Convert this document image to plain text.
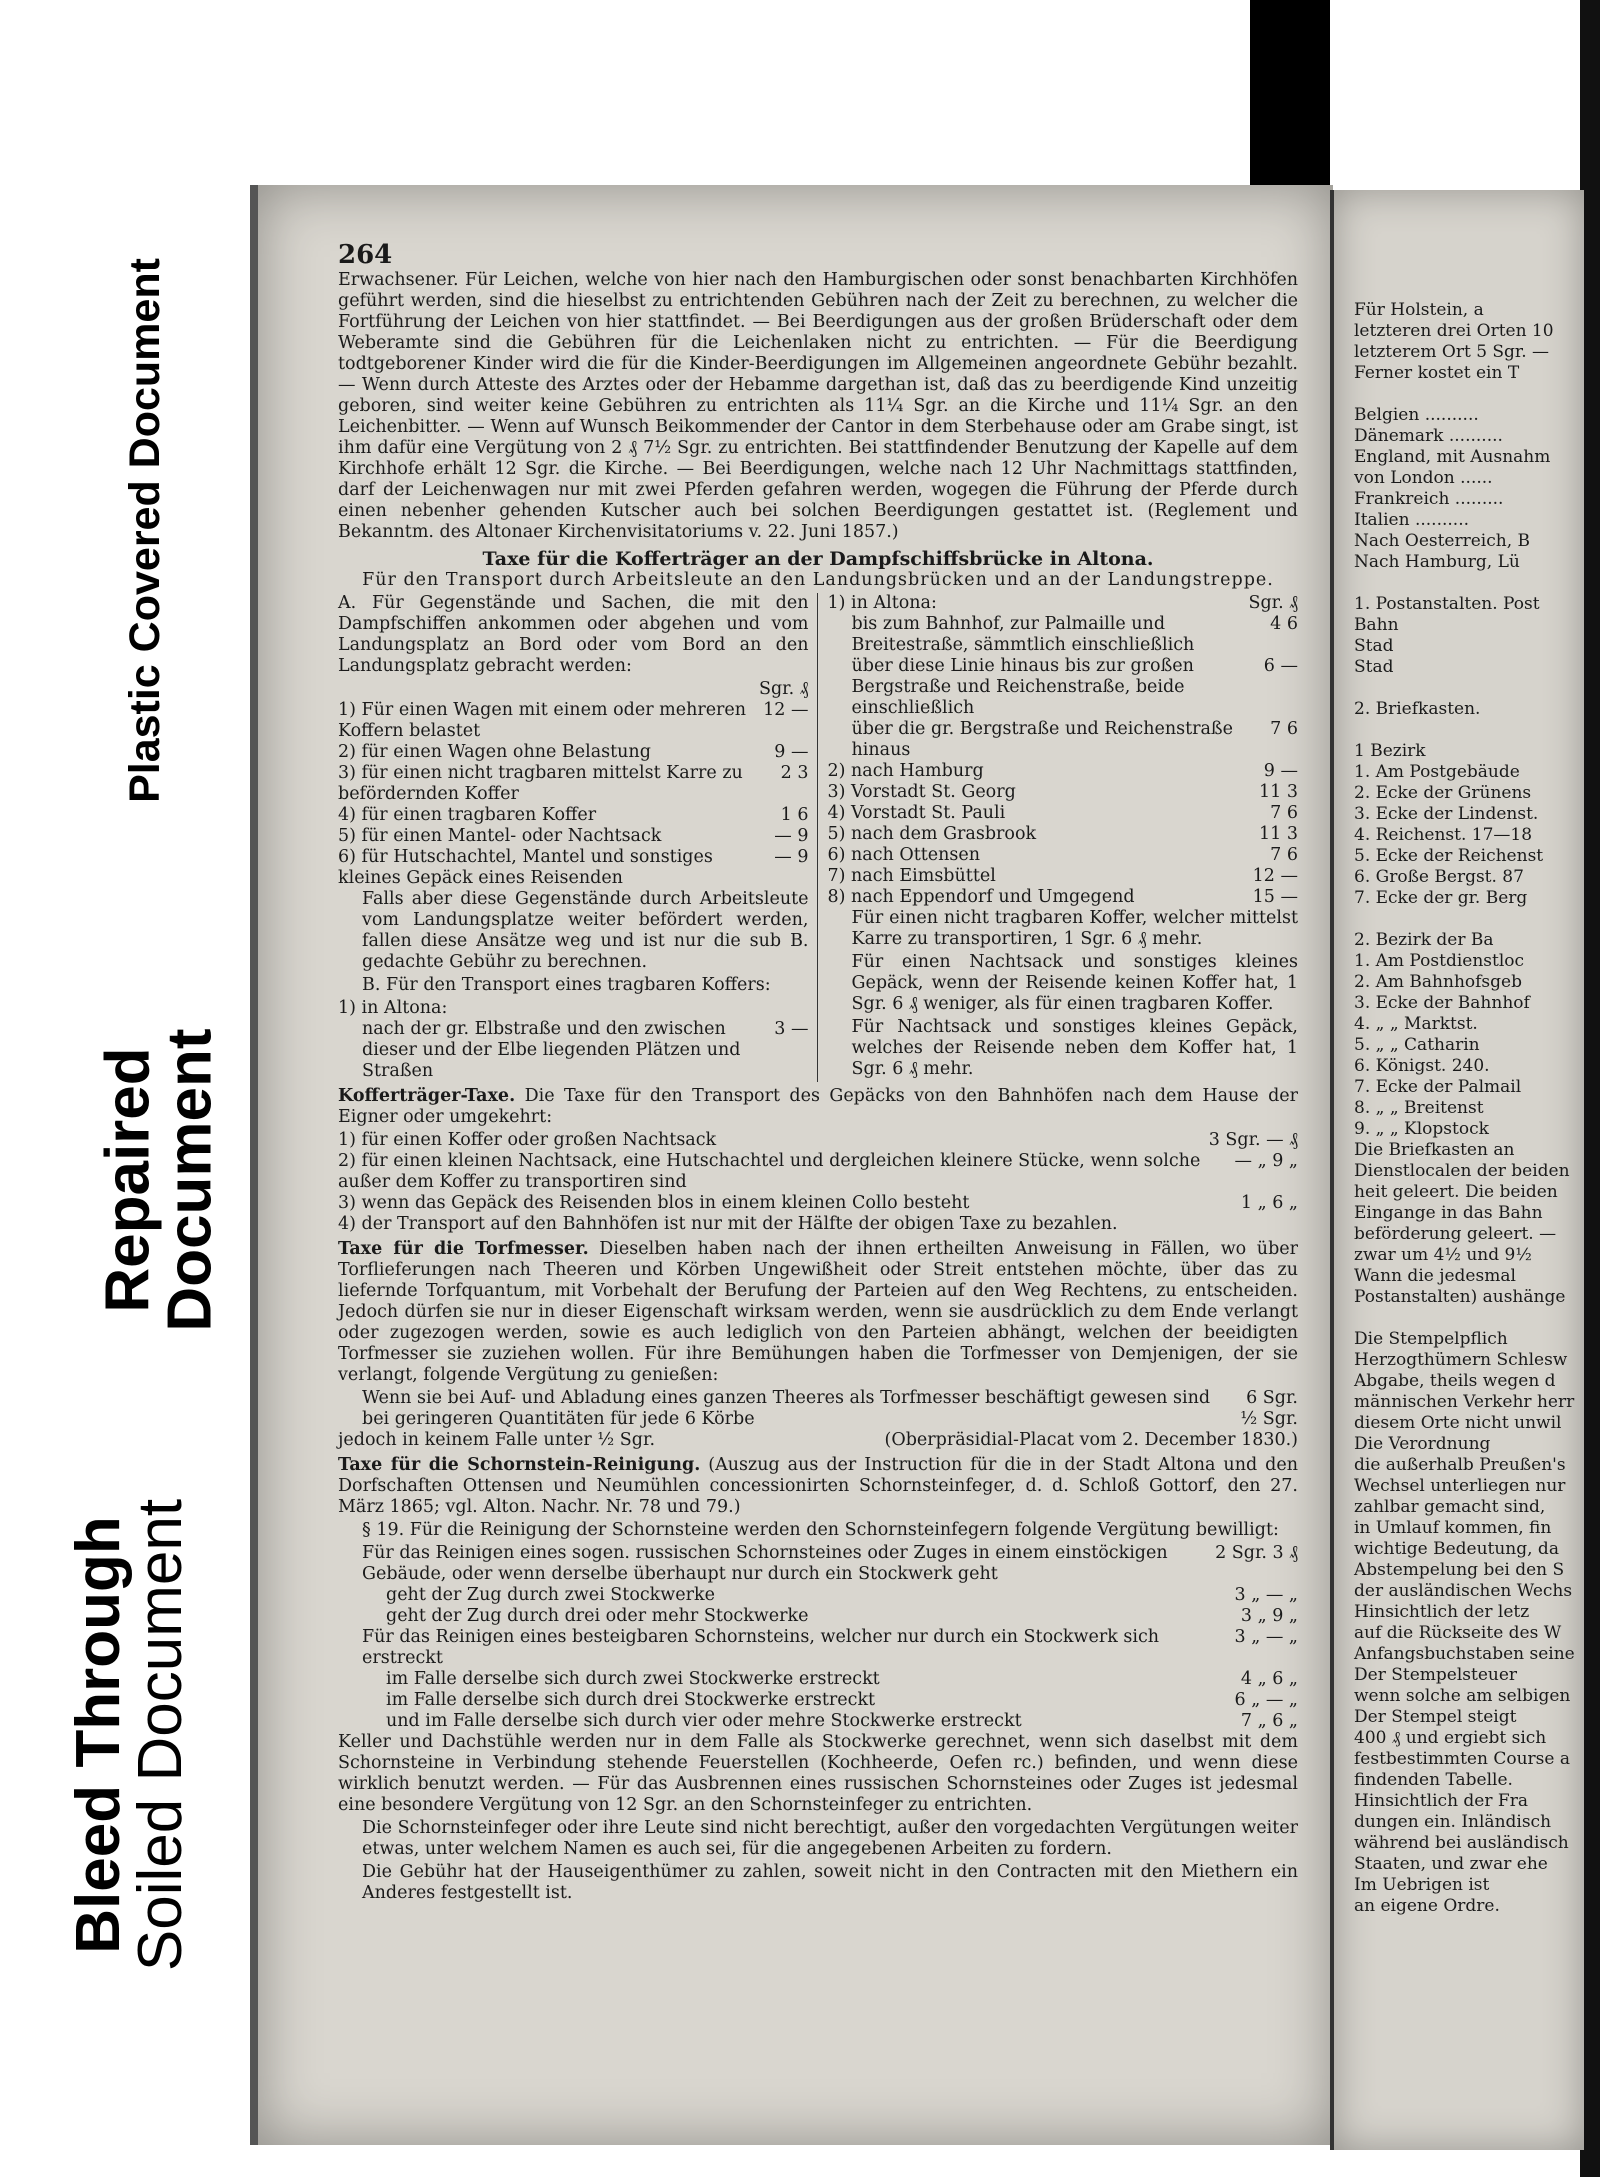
Plastic Covered Document
Repaired
Document
Bleed Through
Soiled Document
264

Erwachsener. Für Leichen, welche von hier nach den Hamburgischen oder sonst benachbarten Kirchhöfen geführt werden, sind die hieselbst zu entrichtenden Gebühren nach der Zeit zu berechnen, zu welcher die Fortführung der Leichen von hier stattfindet. — Bei Beerdigungen aus der großen Brüderschaft oder dem Weberamte sind die Gebühren für die Leichenlaken nicht zu entrichten. — Für die Beerdigung todtgeborener Kinder wird die für die Kinder-Beerdigungen im Allgemeinen angeordnete Gebühr bezahlt. — Wenn durch Atteste des Arztes oder der Hebamme dargethan ist, daß das zu beerdigende Kind unzeitig geboren, sind weiter keine Gebühren zu entrichten als 11¼ Sgr. an die Kirche und 11¼ Sgr. an den Leichenbitter. — Wenn auf Wunsch Beikommender der Cantor in dem Sterbehause oder am Grabe singt, ist ihm dafür eine Vergütung von 2 ₰ 7½ Sgr. zu entrichten. Bei stattfindender Benutzung der Kapelle auf dem Kirchhofe erhält 12 Sgr. die Kirche. — Bei Beerdigungen, welche nach 12 Uhr Nachmittags stattfinden, darf der Leichenwagen nur mit zwei Pferden gefahren werden, wogegen die Führung der Pferde durch einen nebenher gehenden Kutscher auch bei solchen Beerdigungen gestattet ist. (Reglement und Bekanntm. des Altonaer Kirchenvisitatoriums v. 22. Juni 1857.)

Taxe für die Kofferträger an der Dampfschiffsbrücke in Altona.
Für den Transport durch Arbeitsleute an den Landungsbrücken und an der Landungstreppe.

A. Für Gegenstände und Sachen, die mit den Dampfschiffen ankommen oder abgehen und vom Landungsplatz an Bord oder vom Bord an den Landungsplatz gebracht werden:

Sgr. ₰
1) Für einen Wagen mit einem oder mehreren Koffern belastet
12 —
2) für einen Wagen ohne Belastung	9 —
3) für einen nicht tragbaren mittelst Karre zu befördernden Koffer
2 3
4) für einen tragbaren Koffer	1 6
5) für einen Mantel- oder Nachtsack	— 9
6) für Hutschachtel, Mantel und sonstiges kleines Gepäck eines Reisenden
— 9

Falls aber diese Gegenstände durch Arbeitsleute vom Landungsplatze weiter befördert werden, fallen diese Ansätze weg und ist nur die sub B. gedachte Gebühr zu berechnen.

B. Für den Transport eines tragbaren Koffers:

1) in Altona:
nach der gr. Elbstraße und den zwischen dieser und der Elbe liegenden Plätzen und Straßen
3 —
1) in Altona:	Sgr. ₰
bis zum Bahnhof, zur Palmaille und Breitestraße, sämmtlich einschließlich
4 6
über diese Linie hinaus bis zur großen Bergstraße und Reichenstraße, beide einschließlich
6 —
über die gr. Bergstraße und Reichenstraße hinaus
7 6
2) nach Hamburg	9 —
3) Vorstadt St. Georg	11 3
4) Vorstadt St. Pauli	7 6
5) nach dem Grasbrook	11 3
6) nach Ottensen	7 6
7) nach Eimsbüttel	12 —
8) nach Eppendorf und Umgegend	15 —

Für einen nicht tragbaren Koffer, welcher mittelst Karre zu transportiren, 1 Sgr. 6 ₰ mehr.

Für einen Nachtsack und sonstiges kleines Gepäck, wenn der Reisende keinen Koffer hat, 1 Sgr. 6 ₰ weniger, als für einen tragbaren Koffer.

Für Nachtsack und sonstiges kleines Gepäck, welches der Reisende neben dem Koffer hat, 1 Sgr. 6 ₰ mehr.

Kofferträger-Taxe. Die Taxe für den Transport des Gepäcks von den Bahnhöfen nach dem Hause der Eigner oder umgekehrt:

1) für einen Koffer oder großen Nachtsack	3 Sgr. — ₰
2) für einen kleinen Nachtsack, eine Hutschachtel und dergleichen kleinere Stücke, wenn solche außer dem Koffer zu transportiren sind
— „ 9 „
3) wenn das Gepäck des Reisenden blos in einem kleinen Collo besteht	1 „ 6 „
4) der Transport auf den Bahnhöfen ist nur mit der Hälfte der obigen Taxe zu bezahlen.

Taxe für die Torfmesser. Dieselben haben nach der ihnen ertheilten Anweisung in Fällen, wo über Torflieferungen nach Theeren und Körben Ungewißheit oder Streit entstehen möchte, über das zu liefernde Torfquantum, mit Vorbehalt der Berufung der Parteien auf den Weg Rechtens, zu entscheiden. Jedoch dürfen sie nur in dieser Eigenschaft wirksam werden, wenn sie ausdrücklich zu dem Ende verlangt oder zugezogen werden, sowie es auch lediglich von den Parteien abhängt, welchen der beeidigten Torfmesser sie zuziehen wollen. Für ihre Bemühungen haben die Torfmesser von Demjenigen, der sie verlangt, folgende Vergütung zu genießen:

Wenn sie bei Auf- und Abladung eines ganzen Theeres als Torfmesser beschäftigt gewesen sind	6 Sgr.
bei geringeren Quantitäten für jede 6 Körbe	½ Sgr.
jedoch in keinem Falle unter ½ Sgr.	(Oberpräsidial-Placat vom 2. December 1830.)

Taxe für die Schornstein-Reinigung. (Auszug aus der Instruction für die in der Stadt Altona und den Dorfschaften Ottensen und Neumühlen concessionirten Schornsteinfeger, d. d. Schloß Gottorf, den 27. März 1865; vgl. Alton. Nachr. Nr. 78 und 79.)

§ 19. Für die Reinigung der Schornsteine werden den Schornsteinfegern folgende Vergütung bewilligt:

Für das Reinigen eines sogen. russischen Schornsteines oder Zuges in einem einstöckigen Gebäude, oder wenn derselbe überhaupt nur durch ein Stockwerk geht
2 Sgr. 3 ₰
geht der Zug durch zwei Stockwerke	3 „ — „
geht der Zug durch drei oder mehr Stockwerke	3 „ 9 „
Für das Reinigen eines besteigbaren Schornsteins, welcher nur durch ein Stockwerk sich erstreckt
3 „ — „
im Falle derselbe sich durch zwei Stockwerke erstreckt	4 „ 6 „
im Falle derselbe sich durch drei Stockwerke erstreckt	6 „ — „
und im Falle derselbe sich durch vier oder mehre Stockwerke erstreckt	7 „ 6 „

Keller und Dachstühle werden nur in dem Falle als Stockwerke gerechnet, wenn sich daselbst mit dem Schornsteine in Verbindung stehende Feuerstellen (Kochheerde, Oefen rc.) befinden, und wenn diese wirklich benutzt werden. — Für das Ausbrennen eines russischen Schornsteines oder Zuges ist jedesmal eine besondere Vergütung von 12 Sgr. an den Schornsteinfeger zu entrichten.

Die Schornsteinfeger oder ihre Leute sind nicht berechtigt, außer den vorgedachten Vergütungen weiter etwas, unter welchem Namen es auch sei, für die angegebenen Arbeiten zu fordern.

Die Gebühr hat der Hauseigenthümer zu zahlen, soweit nicht in den Contracten mit den Miethern ein Anderes festgestellt ist.

Für Holstein, a
letzteren drei Orten 10
letzterem Ort 5 Sgr. —
Ferner kostet ein T

Belgien ..........
Dänemark ..........
England, mit Ausnahm
von London ......
Frankreich .........
Italien ..........
Nach Oesterreich, B
Nach Hamburg, Lü

1. Postanstalten. Post
Bahn
Stad
Stad

2. Briefkasten.

1 Bezirk
1. Am Postgebäude
2. Ecke der Grünens
3. Ecke der Lindenst.
4. Reichenst. 17—18
5. Ecke der Reichenst
6. Große Bergst. 87
7. Ecke der gr. Berg

2. Bezirk der Ba
1. Am Postdienstloc
2. Am Bahnhofsgeb
3. Ecke der Bahnhof
4. „ „ Marktst.
5. „ „ Catharin
6. Königst. 240.
7. Ecke der Palmail
8. „ „ Breitenst
9. „ „ Klopstock
Die Briefkasten an
Dienstlocalen der beiden
heit geleert. Die beiden
Eingange in das Bahn
beförderung geleert. —
zwar um 4½ und 9½
Wann die jedesmal
Postanstalten) aushänge

Die Stempelpflich
Herzogthümern Schlesw
Abgabe, theils wegen d
männischen Verkehr herr
diesem Orte nicht unwil
Die Verordnung
die außerhalb Preußen's
Wechsel unterliegen nur
zahlbar gemacht sind,
in Umlauf kommen, fin
wichtige Bedeutung, da
Abstempelung bei den S
der ausländischen Wechs
Hinsichtlich der letz
auf die Rückseite des W
Anfangsbuchstaben seine
Der Stempelsteuer
wenn solche am selbigen
Der Stempel steigt
400 ₰ und ergiebt sich
festbestimmten Course a
findenden Tabelle.
Hinsichtlich der Fra
dungen ein. Inländisch
während bei ausländisch
Staaten, und zwar ehe
Im Uebrigen ist
an eigene Ordre.
